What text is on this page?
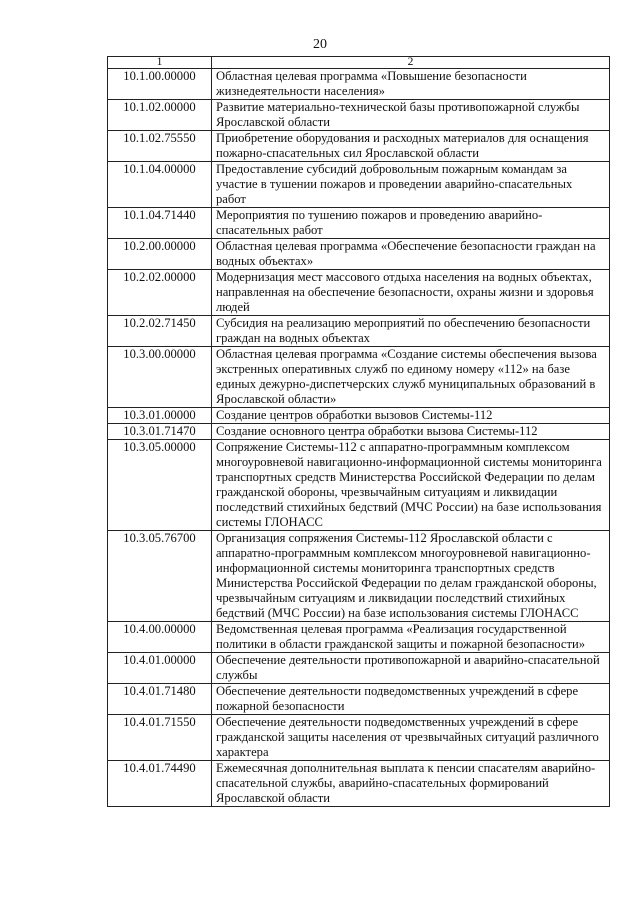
20
1	2
10.1.00.00000	Областная целевая программа «Повышение безопасности жизнедеятельности населения»
10.1.02.00000	Развитие материально-технической базы противопожарной службы Ярославской области
10.1.02.75550	Приобретение оборудования и расходных материалов для оснащения пожарно-спасательных сил Ярославской области
10.1.04.00000	Предоставление субсидий добровольным пожарным командам за участие в тушении пожаров и проведении аварийно-спасательных работ
10.1.04.71440	Мероприятия по тушению пожаров и проведению аварийно-спасательных работ
10.2.00.00000	Областная целевая программа «Обеспечение безопасности граждан на водных объектах»
10.2.02.00000	Модернизация мест массового отдыха населения на водных объектах, направленная на обеспечение безопасности, охраны жизни и здоровья людей
10.2.02.71450	Субсидия на реализацию мероприятий по обеспечению безопасности граждан на водных объектах
10.3.00.00000	Областная целевая программа «Создание системы обеспечения вызова экстренных оперативных служб по единому номеру «112» на базе единых дежурно-диспетчерских служб муниципальных образований в Ярославской области»
10.3.01.00000	Создание центров обработки вызовов Системы-112
10.3.01.71470	Создание основного центра обработки вызова Системы-112
10.3.05.00000	Сопряжение Системы-112 с аппаратно-программным комплексом многоуровневой навигационно-информационной системы мониторинга транспортных средств Министерства Российской Федерации по делам гражданской обороны, чрезвычайным ситуациям и ликвидации последствий стихийных бедствий (МЧС России) на базе использования системы ГЛОНАСС
10.3.05.76700	Организация сопряжения Системы-112 Ярославской области с аппаратно-программным комплексом многоуровневой навигационно-информационной системы мониторинга транспортных средств Министерства Российской Федерации по делам гражданской обороны, чрезвычайным ситуациям и ликвидации последствий стихийных бедствий (МЧС России) на базе использования системы ГЛОНАСС
10.4.00.00000	Ведомственная целевая программа «Реализация государственной политики в области гражданской защиты и пожарной безопасности»
10.4.01.00000	Обеспечение деятельности противопожарной и аварийно-спасательной службы
10.4.01.71480	Обеспечение деятельности подведомственных учреждений в сфере пожарной безопасности
10.4.01.71550	Обеспечение деятельности подведомственных учреждений в сфере гражданской защиты населения от чрезвычайных ситуаций различного характера
10.4.01.74490	Ежемесячная дополнительная выплата к пенсии спасателям аварийно-спасательной службы, аварийно-спасательных формирований Ярославской области
